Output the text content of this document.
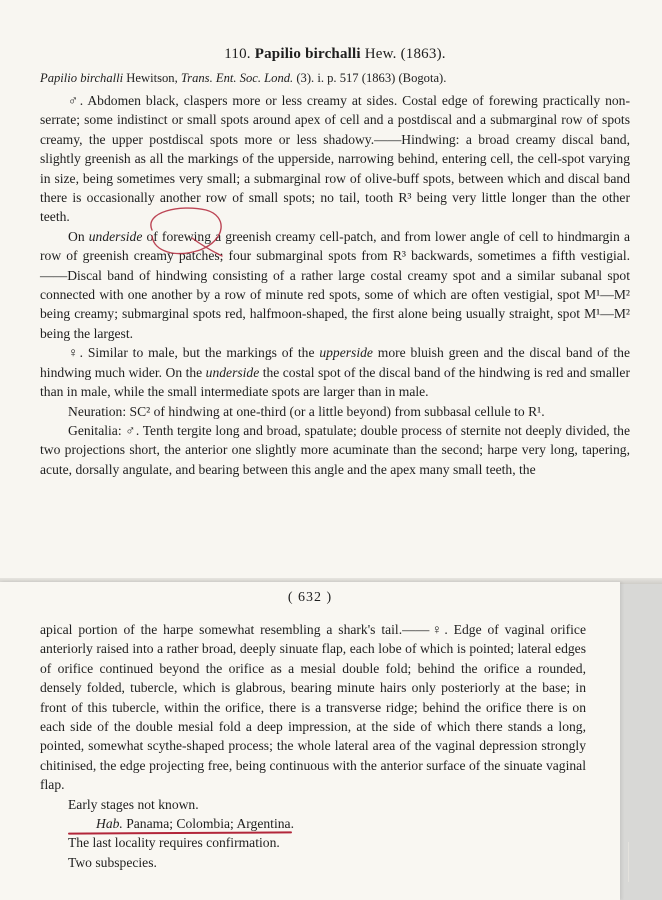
110. Papilio birchalli Hew. (1863).
Papilio birchalli Hewitson, Trans. Ent. Soc. Lond. (3). i. p. 517 (1863) (Bogota).

♂. Abdomen black, claspers more or less creamy at sides. Costal edge of forewing practically non-serrate; some indistinct or small spots around apex of cell and a postdiscal and a submarginal row of spots creamy, the upper postdiscal spots more or less shadowy.——Hindwing: a broad creamy discal band, slightly greenish as all the markings of the upperside, narrowing behind, entering cell, the cell-spot varying in size, being sometimes very small; a submarginal row of olive-buff spots, between which and discal band there is occasionally another row of small spots; no tail, tooth R³ being very little longer than the other teeth.

On underside of forewing a greenish creamy cell-patch, and from lower angle of cell to hindmargin a row of greenish creamy patches; four submarginal spots from R³ backwards, sometimes a fifth vestigial.——Discal band of hindwing consisting of a rather large costal creamy spot and a similar subanal spot connected with one another by a row of minute red spots, some of which are often vestigial, spot M¹—M² being creamy; submarginal spots red, halfmoon-shaped, the first alone being usually straight, spot M¹—M² being the largest.

♀. Similar to male, but the markings of the upperside more bluish green and the discal band of the hindwing much wider. On the underside the costal spot of the discal band of the hindwing is red and smaller than in male, while the small intermediate spots are larger than in male.

Neuration: SC² of hindwing at one-third (or a little beyond) from subbasal cellule to R¹.

Genitalia: ♂. Tenth tergite long and broad, spatulate; double process of sternite not deeply divided, the two projections short, the anterior one slightly more acuminate than the second; harpe very long, tapering, acute, dorsally angulate, and bearing between this angle and the apex many small teeth, the

( 632 )

apical portion of the harpe somewhat resembling a shark's tail.——♀. Edge of vaginal orifice anteriorly raised into a rather broad, deeply sinuate flap, each lobe of which is pointed; lateral edges of orifice continued beyond the orifice as a mesial double fold; behind the orifice a rounded, densely folded, tubercle, which is glabrous, bearing minute hairs only posteriorly at the base; in front of this tubercle, within the orifice, there is a transverse ridge; behind the orifice there is on each side of the double mesial fold a deep impression, at the side of which there stands a long, pointed, somewhat scythe-shaped process; the whole lateral area of the vaginal depression strongly chitinised, the edge projecting free, being continuous with the anterior surface of the sinuate vaginal flap.

Early stages not known.

Hab. Panama; Colombia; Argentina.

The last locality requires confirmation.

Two subspecies.
